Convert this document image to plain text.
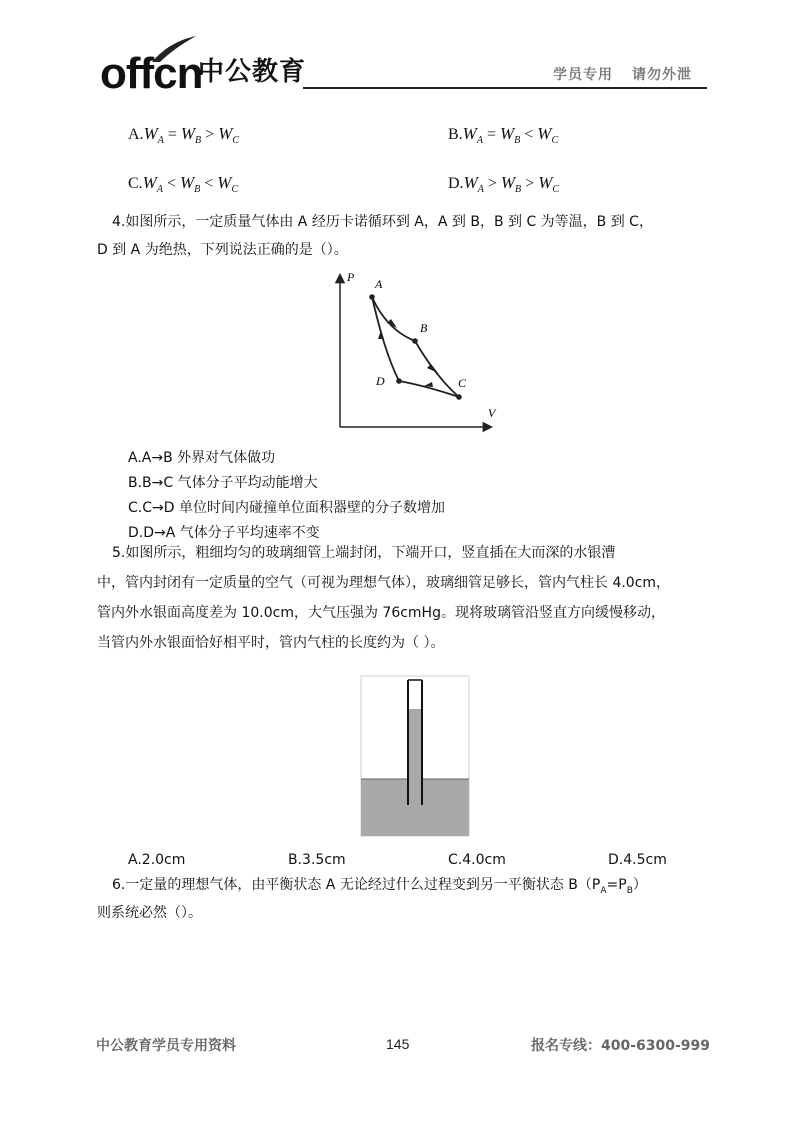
offcn
中公教育	学员专用 请勿外泄
A.
$W_A = W_B > W_C$	B.
$W_A = W_B < W_C$
C.
$W_A < W_B < W_C$	D.
$W_A > W_B > W_C$
4.如图所示，一定质量气体由 A 经历卡诺循环到 A，A 到 B，B 到 C 为等温，B 到 C，
D 到 A 为绝热，下列说法正确的是（）。
P
V
A
B
C
D
A.A→B 外界对气体做功
B.B→C 气体分子平均动能增大
C.C→D 单位时间内碰撞单位面积器壁的分子数增加
D.D→A 气体分子平均速率不变
5.如图所示，粗细均匀的玻璃细管上端封闭，下端开口，竖直插在大而深的水银漕
中，管内封闭有一定质量的空气（可视为理想气体），玻璃细管足够长，管内气柱长 4.0cm，
管内外水银面高度差为 10.0cm，大气压强为 76cmHg。现将玻璃管沿竖直方向缓慢移动，
当管内外水银面恰好相平时，管内气柱的长度约为（ ）。
A.2.0cm	B.3.5cm	C.4.0cm	D.4.5cm
6.一定量的理想气体，由平衡状态 A 无论经过什么过程变到另一平衡状态 $B(P_A=P_B)$
则系统必然（）。
中公教育学员专用资料	145	报名专线：400-6300-999
